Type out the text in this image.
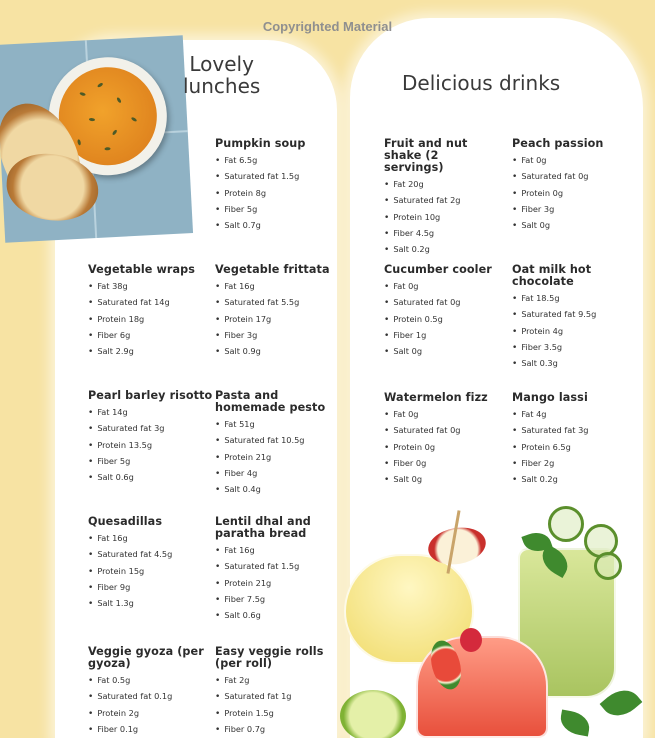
Copyrighted Material
Lovely
lunches	Delicious drinks
Pumpkin soup
• Fat 6.5g
• Saturated fat 1.5g
• Protein 8g
• Fiber 5g
• Salt 0.7g
Vegetable wraps
• Fat 38g
• Saturated fat 14g
• Protein 18g
• Fiber 6g
• Salt 2.9g
Vegetable frittata
• Fat 16g
• Saturated fat 5.5g
• Protein 17g
• Fiber 3g
• Salt 0.9g
Pearl barley risotto
• Fat 14g
• Saturated fat 3g
• Protein 13.5g
• Fiber 5g
• Salt 0.6g
Pasta and homemade pesto
• Fat 51g
• Saturated fat 10.5g
• Protein 21g
• Fiber 4g
• Salt 0.4g
Quesadillas
• Fat 16g
• Saturated fat 4.5g
• Protein 15g
• Fiber 9g
• Salt 1.3g
Lentil dhal and paratha bread
• Fat 16g
• Saturated fat 1.5g
• Protein 21g
• Fiber 7.5g
• Salt 0.6g
Veggie gyoza (per gyoza)
• Fat 0.5g
• Saturated fat 0.1g
• Protein 2g
• Fiber 0.1g
Easy veggie rolls (per roll)
• Fat 2g
• Saturated fat 1g
• Protein 1.5g
• Fiber 0.7g
Fruit and nut shake (2 servings)
• Fat 20g
• Saturated fat 2g
• Protein 10g
• Fiber 4.5g
• Salt 0.2g
Peach passion
• Fat 0g
• Saturated fat 0g
• Protein 0g
• Fiber 3g
• Salt 0g
Cucumber cooler
• Fat 0g
• Saturated fat 0g
• Protein 0.5g
• Fiber 1g
• Salt 0g
Oat milk hot chocolate
• Fat 18.5g
• Saturated fat 9.5g
• Protein 4g
• Fiber 3.5g
• Salt 0.3g
Watermelon fizz
• Fat 0g
• Saturated fat 0g
• Protein 0g
• Fiber 0g
• Salt 0g
Mango lassi
• Fat 4g
• Saturated fat 3g
• Protein 6.5g
• Fiber 2g
• Salt 0.2g
